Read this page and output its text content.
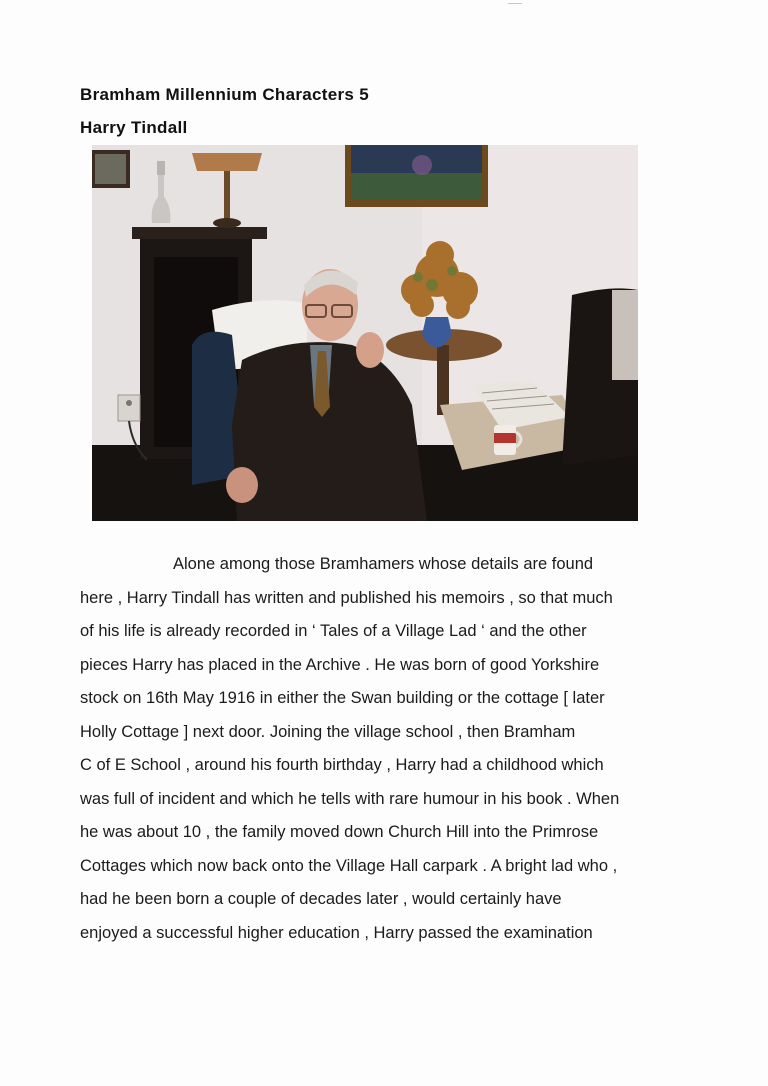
Bramham Millennium Characters 5
Harry Tindall
Alone among those Bramhamers whose details are found
here , Harry Tindall has written and published his memoirs , so that much
of his life is already recorded in ‘ Tales of a Village Lad ‘ and the other
pieces Harry has placed in the Archive . He was born of good Yorkshire
stock on 16th May 1916 in either the Swan building or the cottage [ later
Holly Cottage ] next door. Joining the village school , then Bramham
C of E School , around his fourth birthday , Harry had a childhood which
was full of incident and which he tells with rare humour in his book . When
he was about 10 , the family moved down Church Hill into the Primrose
Cottages which now back onto the Village Hall carpark . A bright lad who ,
had he been born a couple of decades later , would certainly have
enjoyed a successful higher education , Harry passed the examination
